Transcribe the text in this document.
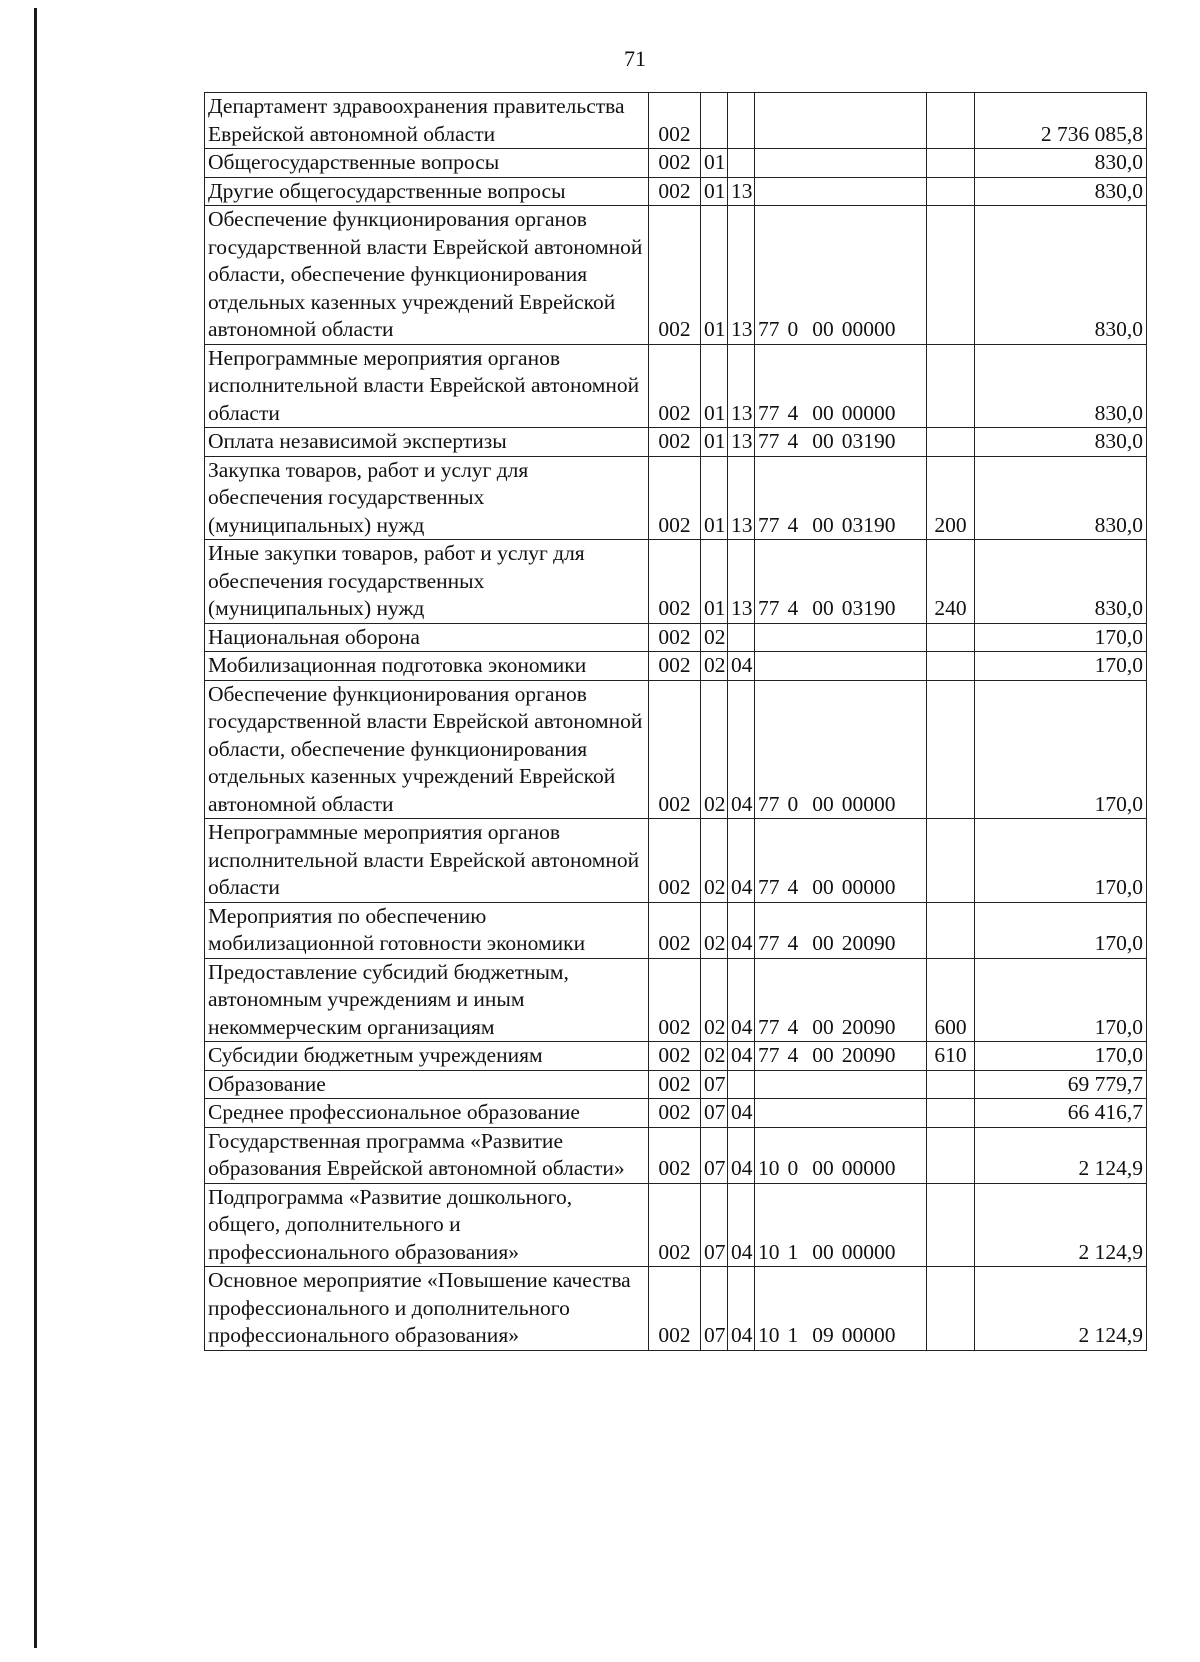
71
Департамент здравоохранения правительства Еврейской автономной области	002					2 736 085,8
Общегосударственные вопросы	002	01				830,0
Другие общегосударственные вопросы	002	01	13			830,0
Обеспечение функционирования органов государственной власти Еврейской автономной области, обеспечение функционирования отдельных казенных учреждений Еврейской автономной области	002	01	13	77 0 00 00000		830,0
Непрограммные мероприятия органов исполнительной власти Еврейской автономной области	002	01	13	77 4 00 00000		830,0
Оплата независимой экспертизы	002	01	13	77 4 00 03190		830,0
Закупка товаров, работ и услуг для обеспечения государственных (муниципальных) нужд	002	01	13	77 4 00 03190	200	830,0
Иные закупки товаров, работ и услуг для обеспечения государственных (муниципальных) нужд	002	01	13	77 4 00 03190	240	830,0
Национальная оборона	002	02				170,0
Мобилизационная подготовка экономики	002	02	04			170,0
Обеспечение функционирования органов государственной власти Еврейской автономной области, обеспечение функционирования отдельных казенных учреждений Еврейской автономной области	002	02	04	77 0 00 00000		170,0
Непрограммные мероприятия органов исполнительной власти Еврейской автономной области	002	02	04	77 4 00 00000		170,0
Мероприятия по обеспечению мобилизационной готовности экономики	002	02	04	77 4 00 20090		170,0
Предоставление субсидий бюджетным, автономным учреждениям и иным некоммерческим организациям	002	02	04	77 4 00 20090	600	170,0
Субсидии бюджетным учреждениям	002	02	04	77 4 00 20090	610	170,0
Образование	002	07				69 779,7
Среднее профессиональное образование	002	07	04			66 416,7
Государственная программа «Развитие образования Еврейской автономной области»	002	07	04	10 0 00 00000		2 124,9
Подпрограмма «Развитие дошкольного, общего, дополнительного и профессионального образования»	002	07	04	10 1 00 00000		2 124,9
Основное мероприятие «Повышение качества профессионального и дополнительного профессионального образования»	002	07	04	10 1 09 00000		2 124,9
